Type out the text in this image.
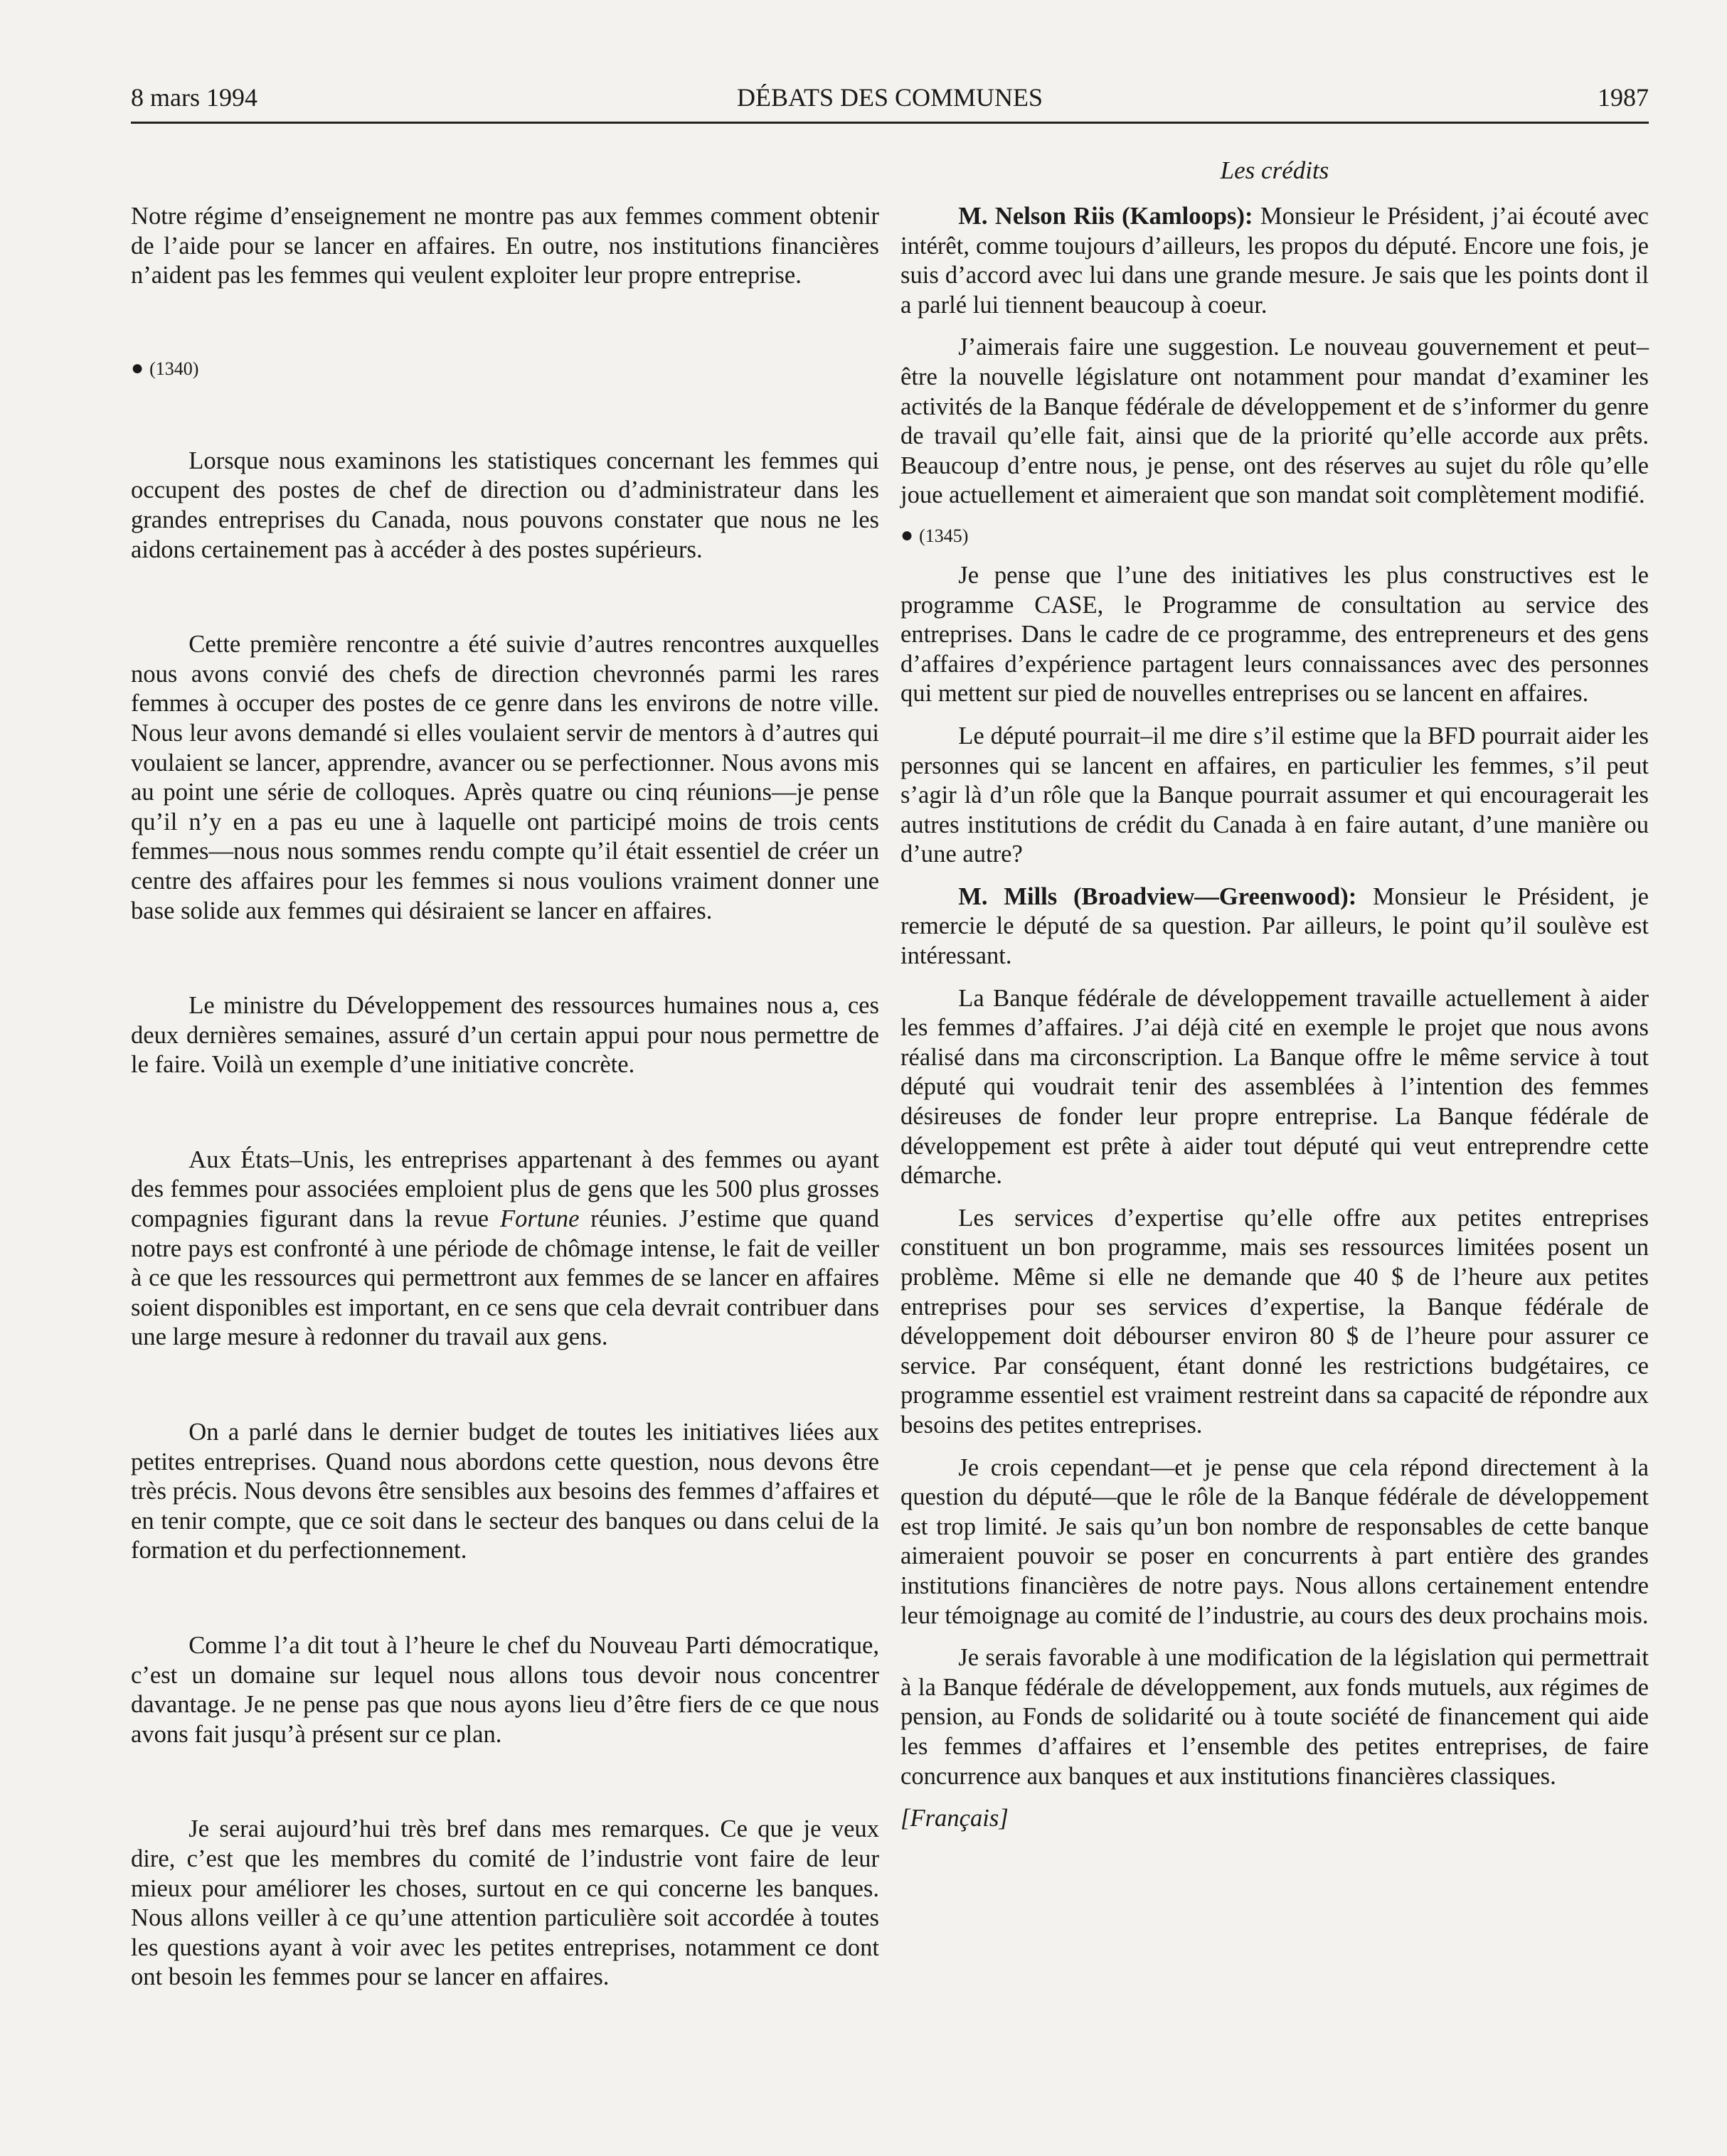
8 mars 1994	DÉBATS DES COMMUNES	1987
Les crédits

Notre régime d’enseignement ne montre pas aux femmes comment obtenir de l’aide pour se lancer en affaires. En outre, nos institutions financières n’aident pas les femmes qui veulent exploiter leur propre entreprise.

● (1340)

Lorsque nous examinons les statistiques concernant les femmes qui occupent des postes de chef de direction ou d’administrateur dans les grandes entreprises du Canada, nous pouvons constater que nous ne les aidons certainement pas à accéder à des postes supérieurs.

Cette première rencontre a été suivie d’autres rencontres auxquelles nous avons convié des chefs de direction chevronnés parmi les rares femmes à occuper des postes de ce genre dans les environs de notre ville. Nous leur avons demandé si elles voulaient servir de mentors à d’autres qui voulaient se lancer, apprendre, avancer ou se perfectionner. Nous avons mis au point une série de colloques. Après quatre ou cinq réunions—je pense qu’il n’y en a pas eu une à laquelle ont participé moins de trois cents femmes—nous nous sommes rendu compte qu’il était essentiel de créer un centre des affaires pour les femmes si nous voulions vraiment donner une base solide aux femmes qui désiraient se lancer en affaires.

Le ministre du Développement des ressources humaines nous a, ces deux dernières semaines, assuré d’un certain appui pour nous permettre de le faire. Voilà un exemple d’une initiative concrète.

Aux États–Unis, les entreprises appartenant à des femmes ou ayant des femmes pour associées emploient plus de gens que les 500 plus grosses compagnies figurant dans la revue Fortune réunies. J’estime que quand notre pays est confronté à une période de chômage intense, le fait de veiller à ce que les ressources qui permettront aux femmes de se lancer en affaires soient disponibles est important, en ce sens que cela devrait contribuer dans une large mesure à redonner du travail aux gens.

On a parlé dans le dernier budget de toutes les initiatives liées aux petites entreprises. Quand nous abordons cette question, nous devons être très précis. Nous devons être sensibles aux besoins des femmes d’affaires et en tenir compte, que ce soit dans le secteur des banques ou dans celui de la formation et du perfectionnement.

Comme l’a dit tout à l’heure le chef du Nouveau Parti démocratique, c’est un domaine sur lequel nous allons tous devoir nous concentrer davantage. Je ne pense pas que nous ayons lieu d’être fiers de ce que nous avons fait jusqu’à présent sur ce plan.

Je serai aujourd’hui très bref dans mes remarques. Ce que je veux dire, c’est que les membres du comité de l’industrie vont faire de leur mieux pour améliorer les choses, surtout en ce qui concerne les banques. Nous allons veiller à ce qu’une attention particulière soit accordée à toutes les questions ayant à voir avec les petites entreprises, notamment ce dont ont besoin les femmes pour se lancer en affaires.

M. Nelson Riis (Kamloops): Monsieur le Président, j’ai écouté avec intérêt, comme toujours d’ailleurs, les propos du député. Encore une fois, je suis d’accord avec lui dans une grande mesure. Je sais que les points dont il a parlé lui tiennent beaucoup à coeur.

J’aimerais faire une suggestion. Le nouveau gouvernement et peut–être la nouvelle législature ont notamment pour mandat d’examiner les activités de la Banque fédérale de développement et de s’informer du genre de travail qu’elle fait, ainsi que de la priorité qu’elle accorde aux prêts. Beaucoup d’entre nous, je pense, ont des réserves au sujet du rôle qu’elle joue actuellement et aimeraient que son mandat soit complètement modifié.

● (1345)

Je pense que l’une des initiatives les plus constructives est le programme CASE, le Programme de consultation au service des entreprises. Dans le cadre de ce programme, des entrepreneurs et des gens d’affaires d’expérience partagent leurs connaissances avec des personnes qui mettent sur pied de nouvelles entreprises ou se lancent en affaires.

Le député pourrait–il me dire s’il estime que la BFD pourrait aider les personnes qui se lancent en affaires, en particulier les femmes, s’il peut s’agir là d’un rôle que la Banque pourrait assumer et qui encouragerait les autres institutions de crédit du Canada à en faire autant, d’une manière ou d’une autre?

M. Mills (Broadview—Greenwood): Monsieur le Président, je remercie le député de sa question. Par ailleurs, le point qu’il soulève est intéressant.

La Banque fédérale de développement travaille actuellement à aider les femmes d’affaires. J’ai déjà cité en exemple le projet que nous avons réalisé dans ma circonscription. La Banque offre le même service à tout député qui voudrait tenir des assemblées à l’intention des femmes désireuses de fonder leur propre entreprise. La Banque fédérale de développement est prête à aider tout député qui veut entreprendre cette démarche.

Les services d’expertise qu’elle offre aux petites entreprises constituent un bon programme, mais ses ressources limitées posent un problème. Même si elle ne demande que 40 $ de l’heure aux petites entreprises pour ses services d’expertise, la Banque fédérale de développement doit débourser environ 80 $ de l’heure pour assurer ce service. Par conséquent, étant donné les restrictions budgétaires, ce programme essentiel est vraiment restreint dans sa capacité de répondre aux besoins des petites entreprises.

Je crois cependant—et je pense que cela répond directement à la question du député—que le rôle de la Banque fédérale de développement est trop limité. Je sais qu’un bon nombre de responsables de cette banque aimeraient pouvoir se poser en concurrents à part entière des grandes institutions financières de notre pays. Nous allons certainement entendre leur témoignage au comité de l’industrie, au cours des deux prochains mois.

Je serais favorable à une modification de la législation qui permettrait à la Banque fédérale de développement, aux fonds mutuels, aux régimes de pension, au Fonds de solidarité ou à toute société de financement qui aide les femmes d’affaires et l’ensemble des petites entreprises, de faire concurrence aux banques et aux institutions financières classiques.

[Français]
